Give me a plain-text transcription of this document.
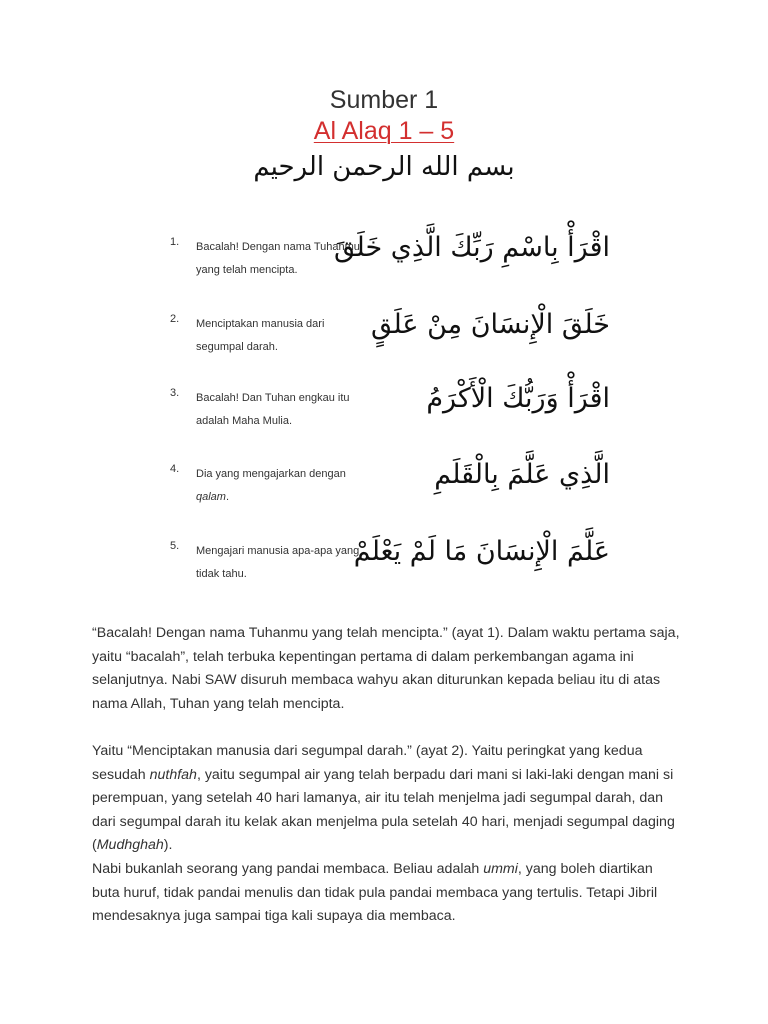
Sumber 1
Al Alaq 1 – 5
بسم الله الرحمن الرحيم
1. Bacalah! Dengan nama Tuhanmu
yang telah mencipta.
اقْرَأْ بِاسْمِ رَبِّكَ الَّذِي خَلَقَ
2. Menciptakan manusia dari
segumpal darah.
خَلَقَ الْإِنسَانَ مِنْ عَلَقٍ
3. Bacalah! Dan Tuhan engkau itu
adalah Maha Mulia.
اقْرَأْ وَرَبُّكَ الْأَكْرَمُ
4. Dia yang mengajarkan dengan
qalam.
الَّذِي عَلَّمَ بِالْقَلَمِ
5. Mengajari manusia apa-apa yang
tidak tahu.
عَلَّمَ الْإِنسَانَ مَا لَمْ يَعْلَمْ

“Bacalah! Dengan nama Tuhanmu yang telah mencipta.” (ayat 1). Dalam waktu pertama saja, yaitu “bacalah”, telah terbuka kepentingan pertama di dalam perkembangan agama ini selanjutnya. Nabi SAW disuruh membaca wahyu akan diturunkan kepada beliau itu di atas nama Allah, Tuhan yang telah mencipta.

Yaitu “Menciptakan manusia dari segumpal darah.” (ayat 2). Yaitu peringkat yang kedua sesudah nuthfah, yaitu segumpal air yang telah berpadu dari mani si laki-laki dengan mani si perempuan, yang setelah 40 hari lamanya, air itu telah menjelma jadi segumpal darah, dan dari segumpal darah itu kelak akan menjelma pula setelah 40 hari, menjadi segumpal daging (Mudhghah).

Nabi bukanlah seorang yang pandai membaca. Beliau adalah ummi, yang boleh diartikan buta huruf, tidak pandai menulis dan tidak pula pandai membaca yang tertulis. Tetapi Jibril mendesaknya juga sampai tiga kali supaya dia membaca.
